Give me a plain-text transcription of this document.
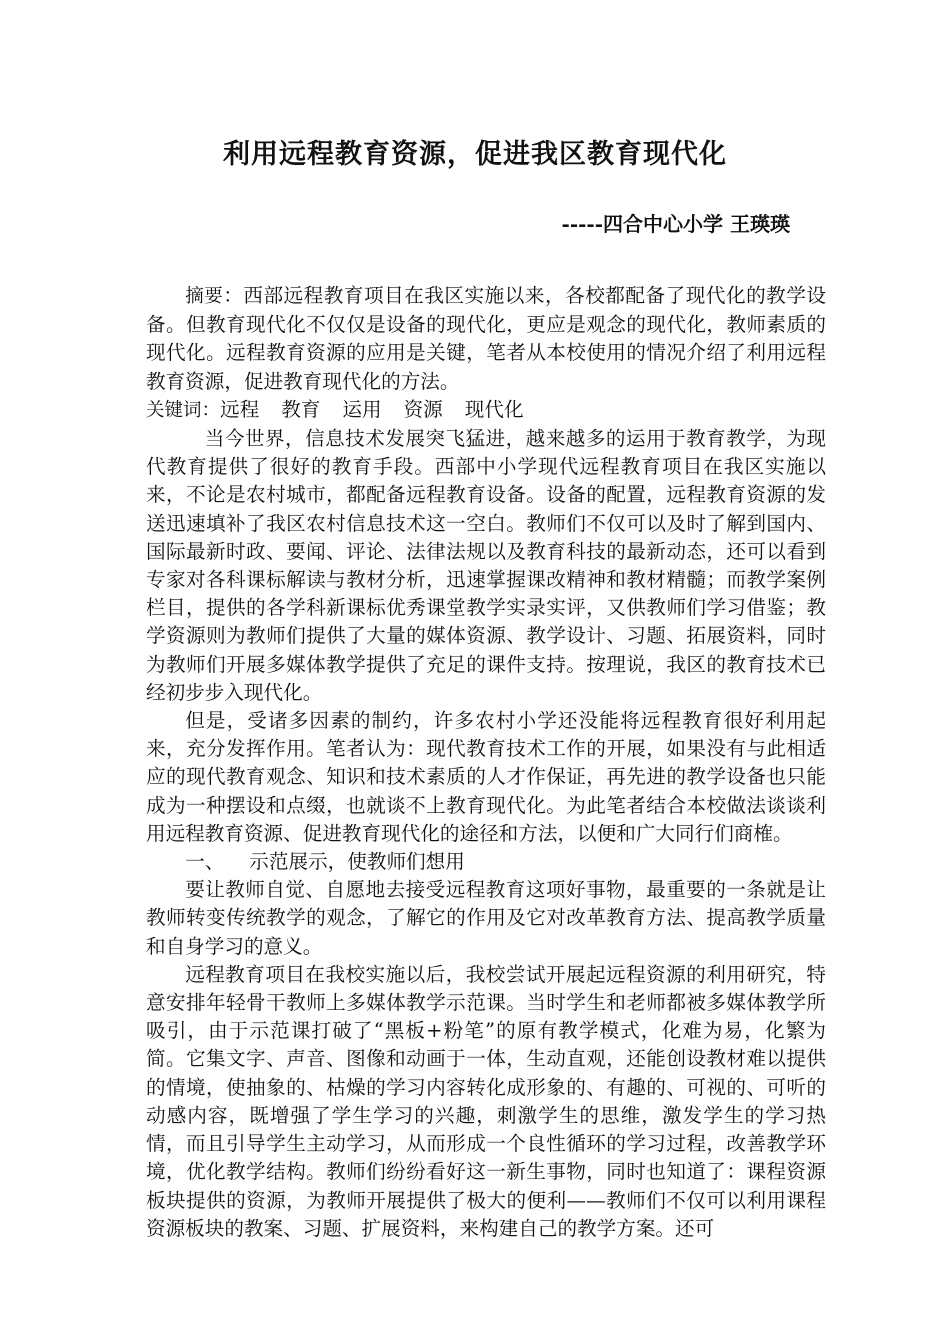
利用远程教育资源，促进我区教育现代化
-----四合中心小学 王瑛瑛

摘要：西部远程教育项目在我区实施以来，各校都配备了现代化的教学设备。但教育现代化不仅仅是设备的现代化，更应是观念的现代化，教师素质的现代化。远程教育资源的应用是关键，笔者从本校使用的情况介绍了利用远程教育资源，促进教育现代化的方法。

关键词：远程 教育 运用 资源 现代化

当今世界，信息技术发展突飞猛进，越来越多的运用于教育教学，为现代教育提供了很好的教育手段。西部中小学现代远程教育项目在我区实施以来，不论是农村城市，都配备远程教育设备。设备的配置，远程教育资源的发送迅速填补了我区农村信息技术这一空白。教师们不仅可以及时了解到国内、国际最新时政、要闻、评论、法律法规以及教育科技的最新动态，还可以看到专家对各科课标解读与教材分析，迅速掌握课改精神和教材精髓；而教学案例栏目，提供的各学科新课标优秀课堂教学实录实评，又供教师们学习借鉴；教学资源则为教师们提供了大量的媒体资源、教学设计、习题、拓展资料，同时为教师们开展多媒体教学提供了充足的课件支持。按理说，我区的教育技术已经初步步入现代化。

但是，受诸多因素的制约，许多农村小学还没能将远程教育很好利用起来，充分发挥作用。笔者认为：现代教育技术工作的开展，如果没有与此相适应的现代教育观念、知识和技术素质的人才作保证，再先进的教学设备也只能成为一种摆设和点缀，也就谈不上教育现代化。为此笔者结合本校做法谈谈利用远程教育资源、促进教育现代化的途径和方法，以便和广大同行们商榷。

一、    示范展示，使教师们想用

要让教师自觉、自愿地去接受远程教育这项好事物，最重要的一条就是让教师转变传统教学的观念，了解它的作用及它对改革教育方法、提高教学质量和自身学习的意义。

远程教育项目在我校实施以后，我校尝试开展起远程资源的利用研究，特意安排年轻骨干教师上多媒体教学示范课。当时学生和老师都被多媒体教学所吸引，由于示范课打破了“黑板+粉笔”的原有教学模式，化难为易，化繁为简。它集文字、声音、图像和动画于一体，生动直观，还能创设教材难以提供的情境，使抽象的、枯燥的学习内容转化成形象的、有趣的、可视的、可听的动感内容，既增强了学生学习的兴趣，刺激学生的思维，激发学生的学习热情，而且引导学生主动学习，从而形成一个良性循环的学习过程，改善教学环境，优化教学结构。教师们纷纷看好这一新生事物，同时也知道了：课程资源板块提供的资源，为教师开展提供了极大的便利——教师们不仅可以利用课程资源板块的教案、习题、扩展资料，来构建自己的教学方案。还可
